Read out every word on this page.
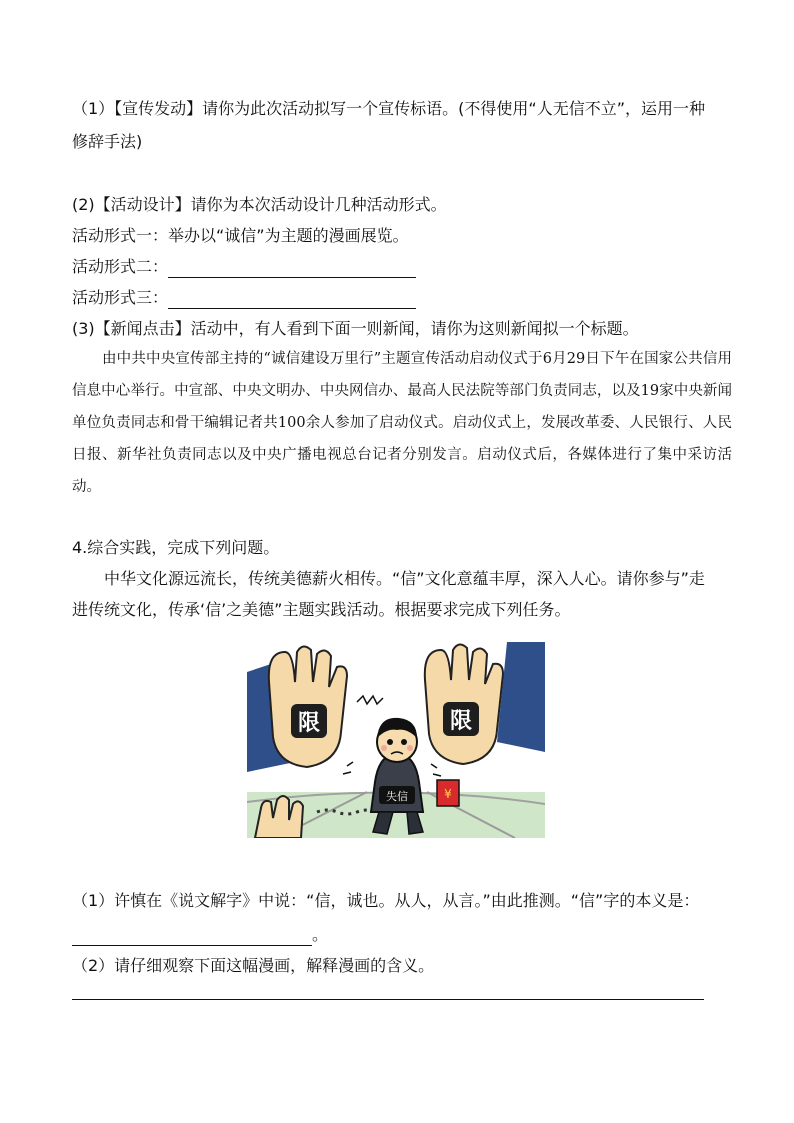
（1）【宣传发动】请你为此次活动拟写一个宣传标语。(不得使用“人无信不立”，运用一种
修辞手法)
(2)【活动设计】请你为本次活动设计几种活动形式。
活动形式一：举办以“诚信”为主题的漫画展览。
活动形式二：
活动形式三：
(3)【新闻点击】活动中，有人看到下面一则新闻，请你为这则新闻拟一个标题。

由中共中央宣传部主持的“诚信建设万里行”主题宣传活动启动仪式于6月29日下午在国家公共信用信息中心举行。中宣部、中央文明办、中央网信办、最高人民法院等部门负责同志，以及19家中央新闻单位负责同志和骨干编辑记者共100余人参加了启动仪式。启动仪式上，发展改革委、人民银行、人民日报、新华社负责同志以及中央广播电视总台记者分别发言。启动仪式后，各媒体进行了集中采访活动。

4.综合实践，完成下列问题。
中华文化源远流长，传统美德薪火相传。“信”文化意蕴丰厚，深入人心。请你参与”走
进传统文化，传承‘信’之美德”主题实践活动。根据要求完成下列任务。
限	限
失信	¥
（1）许慎在《说文解字》中说：“信，诚也。从人，从言。”由此推测。“信”字的本义是：
。
（2）请仔细观察下面这幅漫画，解释漫画的含义。
